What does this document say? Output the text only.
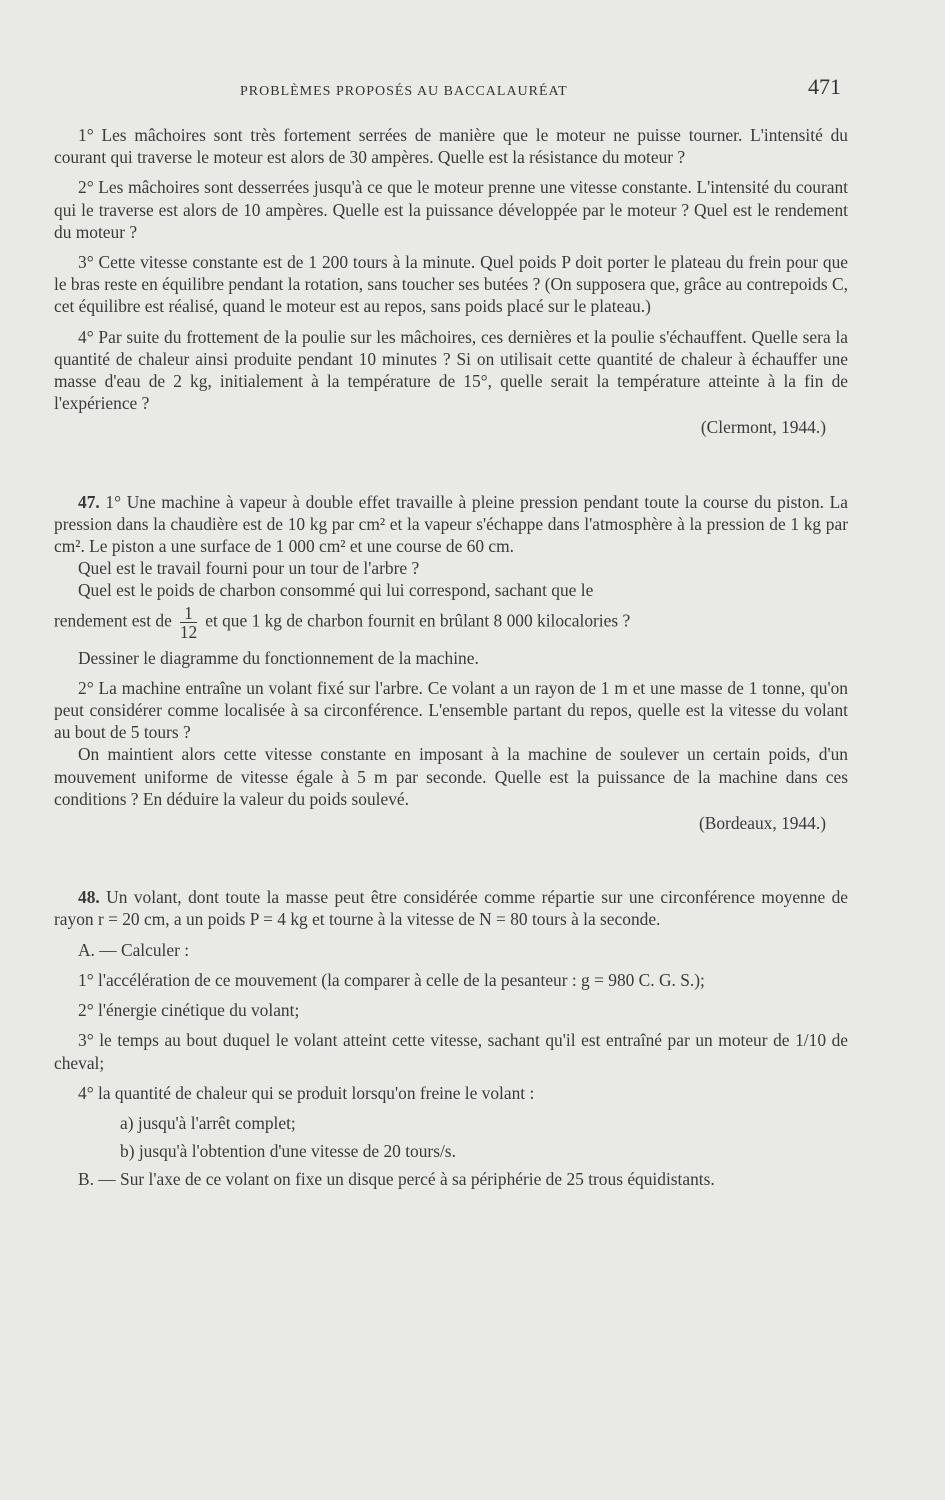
PROBLÈMES PROPOSÉS AU BACCALAURÉAT	471

1° Les mâchoires sont très fortement serrées de manière que le moteur ne puisse tourner. L'intensité du courant qui traverse le moteur est alors de 30 ampères. Quelle est la résistance du moteur ?

2° Les mâchoires sont desserrées jusqu'à ce que le moteur prenne une vitesse constante. L'intensité du courant qui le traverse est alors de 10 ampères. Quelle est la puissance développée par le moteur ? Quel est le rendement du moteur ?

3° Cette vitesse constante est de 1 200 tours à la minute. Quel poids P doit porter le plateau du frein pour que le bras reste en équilibre pendant la rotation, sans toucher ses butées ? (On supposera que, grâce au contrepoids C, cet équilibre est réalisé, quand le moteur est au repos, sans poids placé sur le plateau.)

4° Par suite du frottement de la poulie sur les mâchoires, ces dernières et la poulie s'échauffent. Quelle sera la quantité de chaleur ainsi produite pendant 10 minutes ? Si on utilisait cette quantité de chaleur à échauffer une masse d'eau de 2 kg, initialement à la température de 15°, quelle serait la température atteinte à la fin de l'expérience ?

(Clermont, 1944.)

47. 1° Une machine à vapeur à double effet travaille à pleine pression pendant toute la course du piston. La pression dans la chaudière est de 10 kg par cm² et la vapeur s'échappe dans l'atmosphère à la pression de 1 kg par cm². Le piston a une surface de 1 000 cm² et une course de 60 cm.

Quel est le travail fourni pour un tour de l'arbre ?

Quel est le poids de charbon consommé qui lui correspond, sachant que le

rendement est de $\frac{1}{12}$ et que 1 kg de charbon fournit en brûlant 8 000 kilocalories ?

Dessiner le diagramme du fonctionnement de la machine.

2° La machine entraîne un volant fixé sur l'arbre. Ce volant a un rayon de 1 m et une masse de 1 tonne, qu'on peut considérer comme localisée à sa circonférence. L'ensemble partant du repos, quelle est la vitesse du volant au bout de 5 tours ?

On maintient alors cette vitesse constante en imposant à la machine de soulever un certain poids, d'un mouvement uniforme de vitesse égale à 5 m par seconde. Quelle est la puissance de la machine dans ces conditions ? En déduire la valeur du poids soulevé.

(Bordeaux, 1944.)

48. Un volant, dont toute la masse peut être considérée comme répartie sur une circonférence moyenne de rayon r = 20 cm, a un poids P = 4 kg et tourne à la vitesse de N = 80 tours à la seconde.

A. — Calculer :

1° l'accélération de ce mouvement (la comparer à celle de la pesanteur : g = 980 C. G. S.);

2° l'énergie cinétique du volant;

3° le temps au bout duquel le volant atteint cette vitesse, sachant qu'il est entraîné par un moteur de 1/10 de cheval;

4° la quantité de chaleur qui se produit lorsqu'on freine le volant :

a) jusqu'à l'arrêt complet;

b) jusqu'à l'obtention d'une vitesse de 20 tours/s.

B. — Sur l'axe de ce volant on fixe un disque percé à sa périphérie de 25 trous équidistants.
